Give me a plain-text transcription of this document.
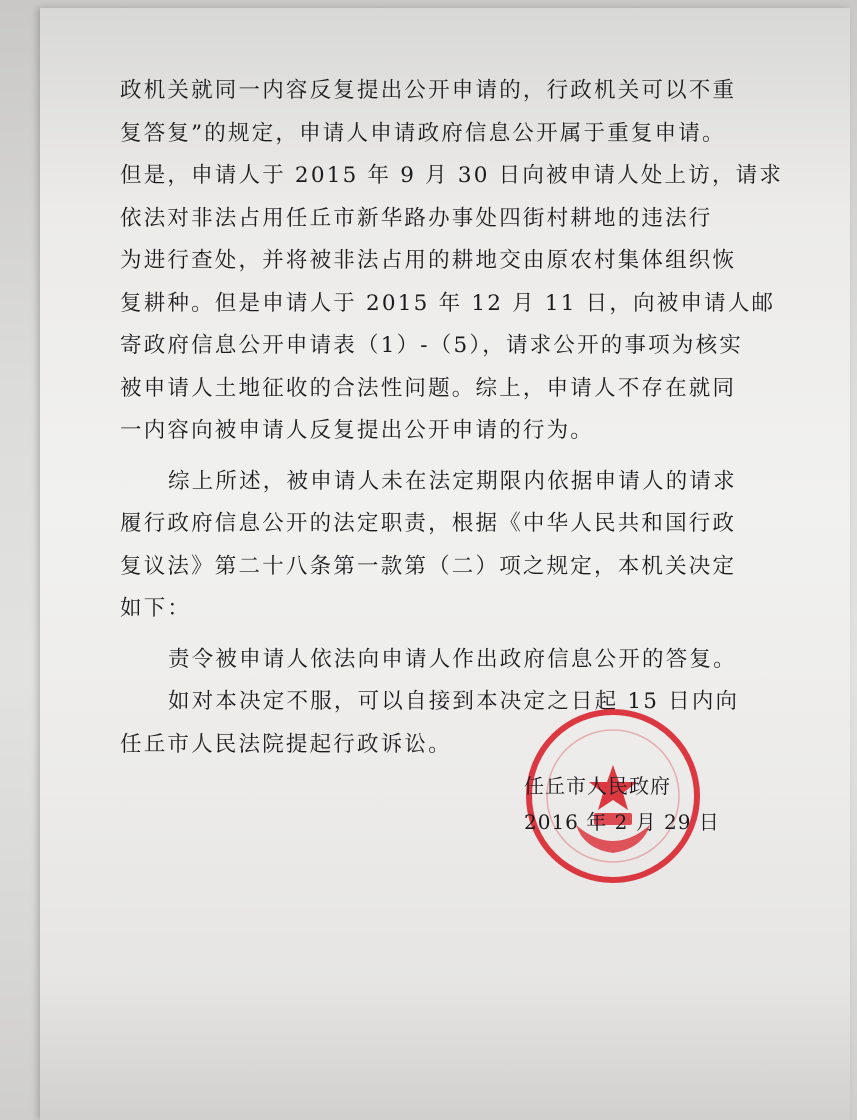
政机关就同一内容反复提出公开申请的，行政机关可以不重
复答复”的规定，申请人申请政府信息公开属于重复申请。
但是，申请人于 2015 年 9 月 30 日向被申请人处上访，请求
依法对非法占用任丘市新华路办事处四街村耕地的违法行
为进行查处，并将被非法占用的耕地交由原农村集体组织恢
复耕种。但是申请人于 2015 年 12 月 11 日，向被申请人邮
寄政府信息公开申请表（1）-（5），请求公开的事项为核实
被申请人土地征收的合法性问题。综上，申请人不存在就同
一内容向被申请人反复提出公开申请的行为。
综上所述，被申请人未在法定期限内依据申请人的请求
履行政府信息公开的法定职责，根据《中华人民共和国行政
复议法》第二十八条第一款第（二）项之规定，本机关决定
如下：
责令被申请人依法向申请人作出政府信息公开的答复。
如对本决定不服，可以自接到本决定之日起 15 日内向
任丘市人民法院提起行政诉讼。
任丘市人民政府
2016 年 2 月 29 日
